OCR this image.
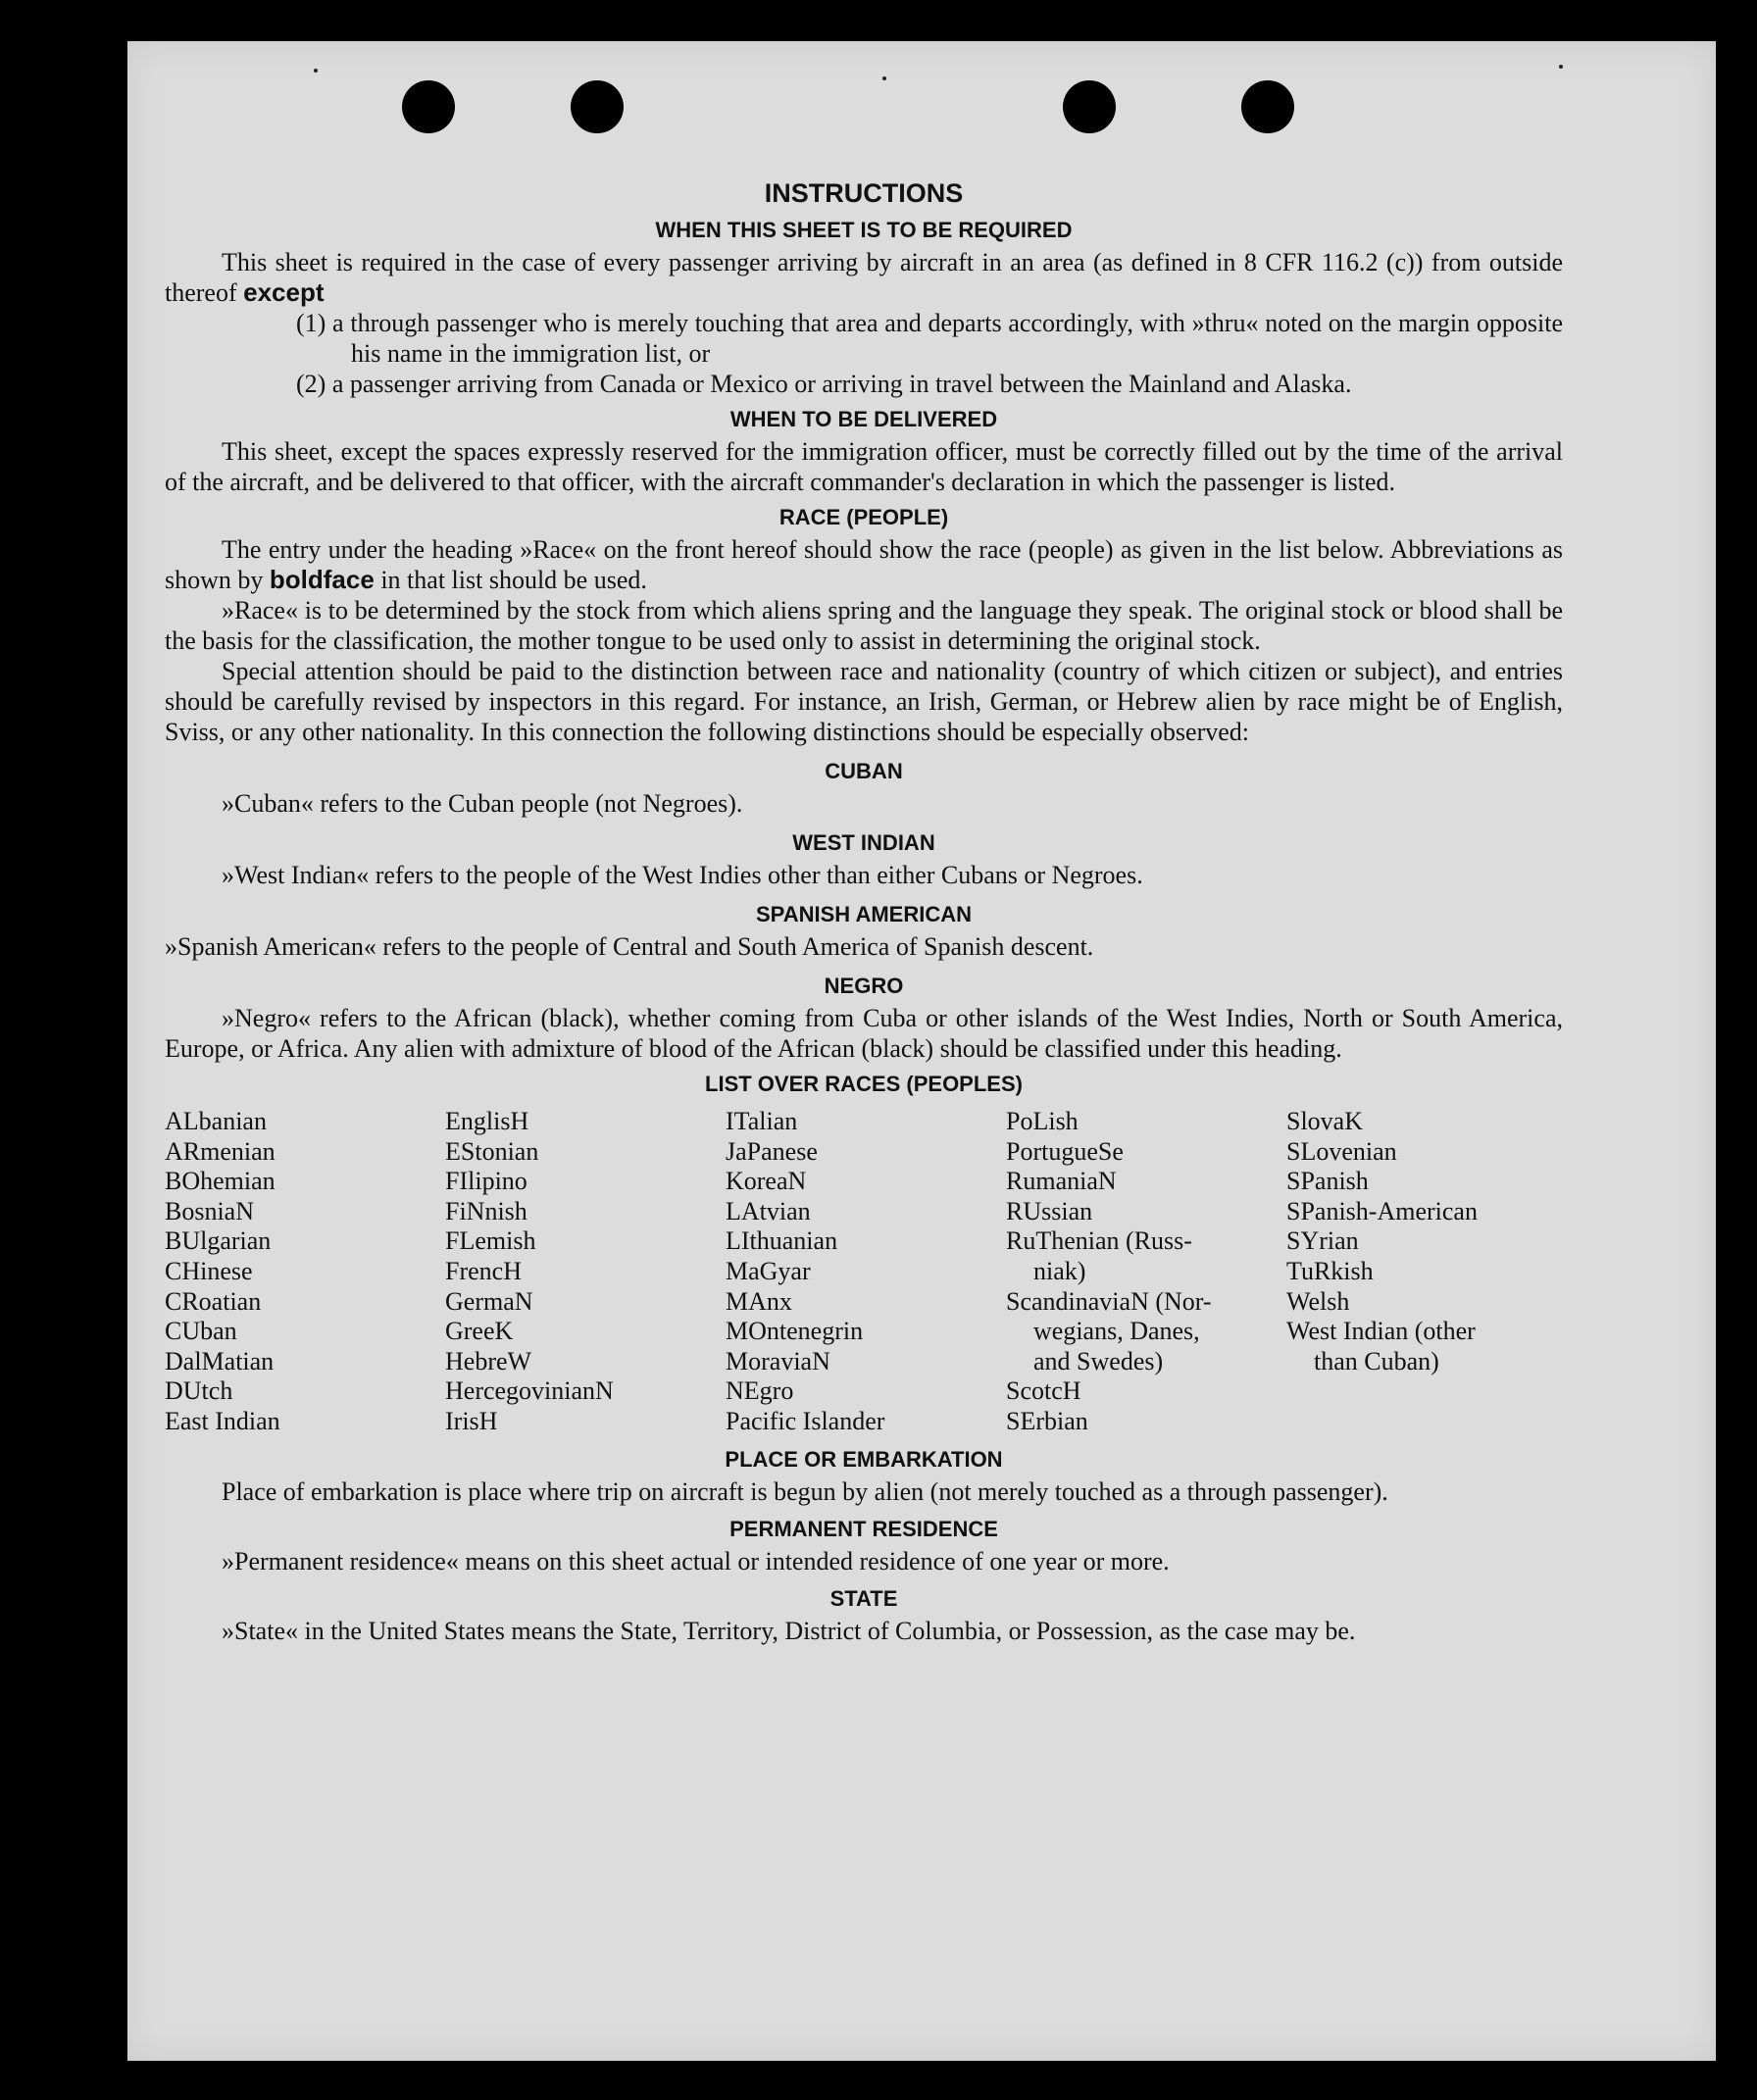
INSTRUCTIONS
WHEN THIS SHEET IS TO BE REQUIRED

This sheet is required in the case of every passenger arriving by aircraft in an area (as defined in 8 CFR 116.2 (c)) from outside thereof except

(1) a through passenger who is merely touching that area and departs accordingly, with »thru« noted on the margin opposite his name in the immigration list, or

(2) a passenger arriving from Canada or Mexico or arriving in travel between the Mainland and Alaska.

WHEN TO BE DELIVERED

This sheet, except the spaces expressly reserved for the immigration officer, must be correctly filled out by the time of the arrival of the aircraft, and be delivered to that officer, with the aircraft commander's declaration in which the passenger is listed.

RACE (PEOPLE)

The entry under the heading »Race« on the front hereof should show the race (people) as given in the list below. Abbreviations as shown by boldface in that list should be used.

»Race« is to be determined by the stock from which aliens spring and the language they speak. The original stock or blood shall be the basis for the classification, the mother tongue to be used only to assist in determining the original stock.

Special attention should be paid to the distinction between race and nationality (country of which citizen or subject), and entries should be carefully revised by inspectors in this regard. For instance, an Irish, German, or Hebrew alien by race might be of English, Sviss, or any other nationality. In this connection the following distinctions should be especially observed:

CUBAN

»Cuban« refers to the Cuban people (not Negroes).

WEST INDIAN

»West Indian« refers to the people of the West Indies other than either Cubans or Negroes.

SPANISH AMERICAN

»Spanish American« refers to the people of Central and South America of Spanish descent.

NEGRO

»Negro« refers to the African (black), whether coming from Cuba or other islands of the West Indies, North or South America, Europe, or Africa. Any alien with admixture of blood of the African (black) should be classified under this heading.

LIST OVER RACES (PEOPLES)
ALbanian
ARmenian
BOhemian
BosniaN
BUlgarian
CHinese
CRoatian
CUban
DalMatian
DUtch
East Indian
EnglisH
EStonian
FIlipino
FiNnish
FLemish
FrencH
GermaN
GreeK
HebreW
HercegovinianN
IrisH
ITalian
JaPanese
KoreaN
LAtvian
LIthuanian
MaGyar
MAnx
MOntenegrin
MoraviaN
NEgro
Pacific Islander
PoLish
PortugueSe
RumaniaN
RUssian
RuThenian (Russ-
niak)
ScandinaviaN (Nor-
wegians, Danes,
and Swedes)
ScotcH
SErbian
SlovaK
SLovenian
SPanish
SPanish-American
SYrian
TuRkish
Welsh
West Indian (other
than Cuban)
PLACE OR EMBARKATION

Place of embarkation is place where trip on aircraft is begun by alien (not merely touched as a through passenger).

PERMANENT RESIDENCE

»Permanent residence« means on this sheet actual or intended residence of one year or more.

STATE

»State« in the United States means the State, Territory, District of Columbia, or Possession, as the case may be.
